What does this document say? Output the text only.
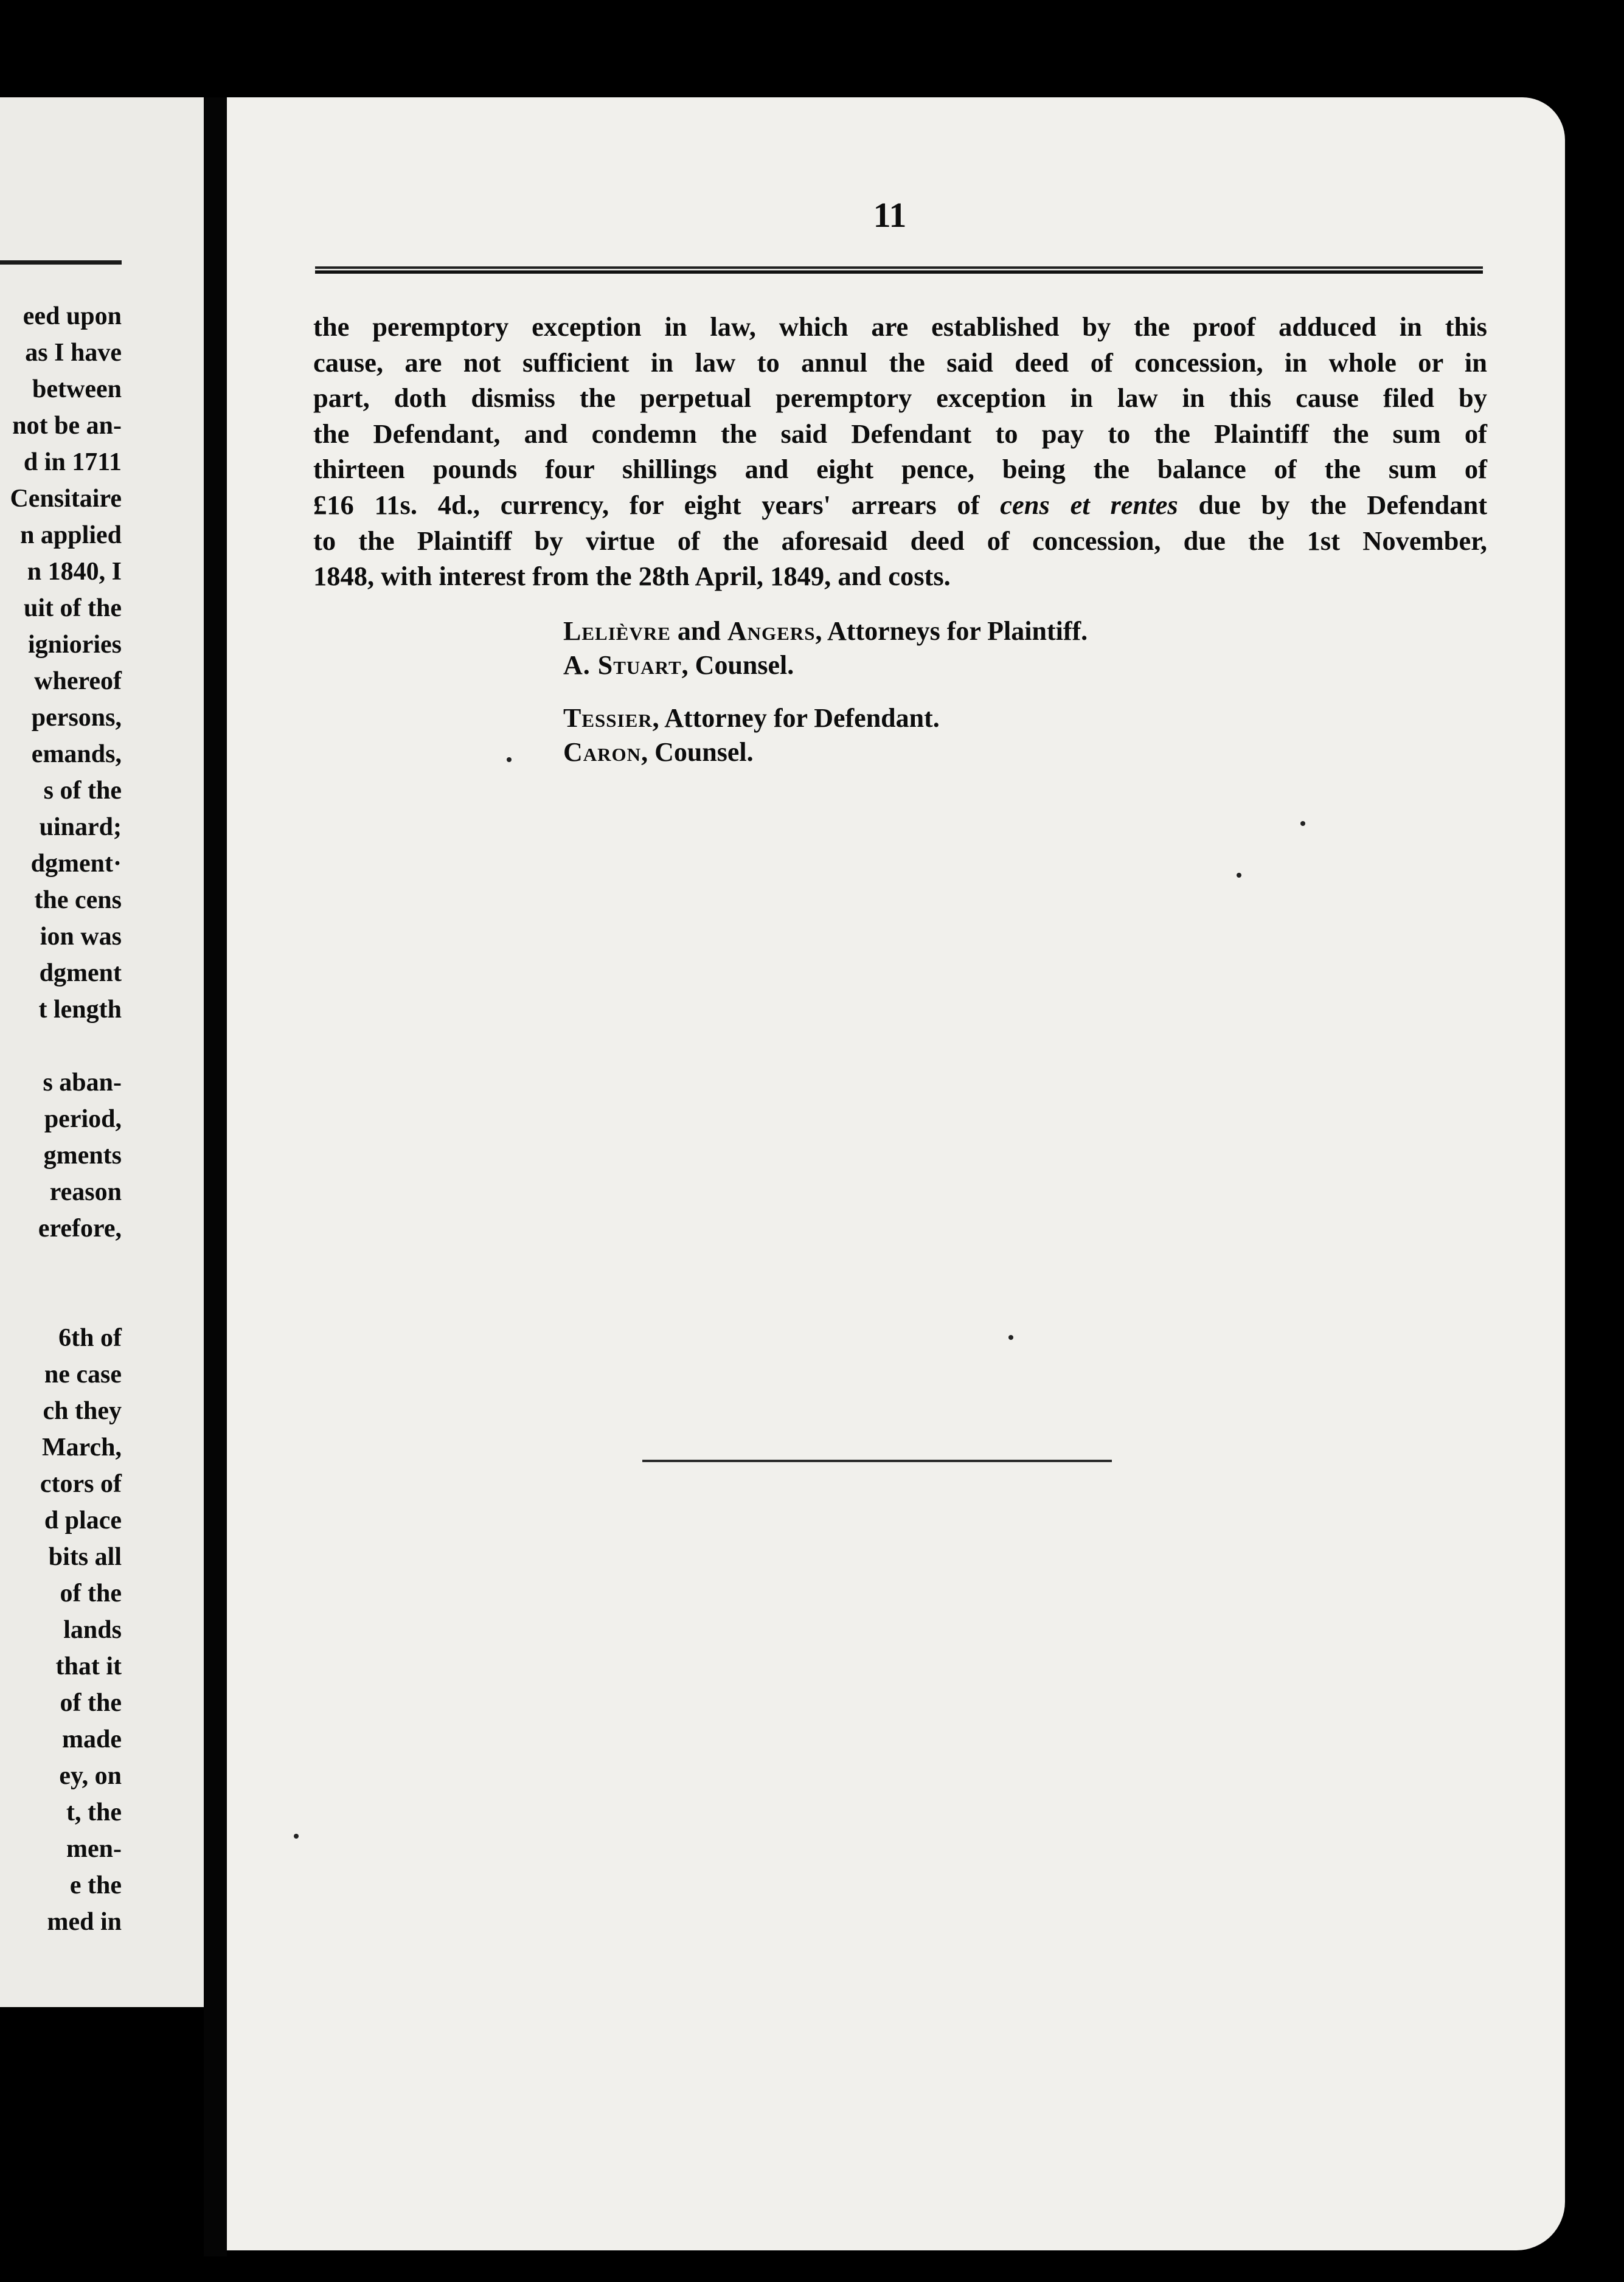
eed upon
as I have
between
not be an-
d in 1711
Censitaire
n applied
n 1840, I
uit of the
igniories
whereof
persons,
emands,
s of the
uinard;
dgment·
the cens
ion was
dgment
t length
s aban-
period,
gments
reason
erefore,
6th of
ne case
ch they
March,
ctors of
d place
bits all
of the
lands
that it
of the
made
ey, on
t, the
men-
e the
med in
11
the peremptory exception in law, which are established by the proof adduced in this
cause, are not sufficient in law to annul the said deed of concession, in whole or in
part, doth dismiss the perpetual peremptory exception in law in this cause filed by
the Defendant, and condemn the said Defendant to pay to the Plaintiff the sum of
thirteen pounds four shillings and eight pence, being the balance of the sum of
£16 11s. 4d., currency, for eight years' arrears of cens et rentes due by the Defendant
to the Plaintiff by virtue of the aforesaid deed of concession, due the 1st November,
1848, with interest from the 28th April, 1849, and costs.
Lelièvre and Angers, Attorneys for Plaintiff.
A. Stuart, Counsel.
Tessier, Attorney for Defendant.
Caron, Counsel.
